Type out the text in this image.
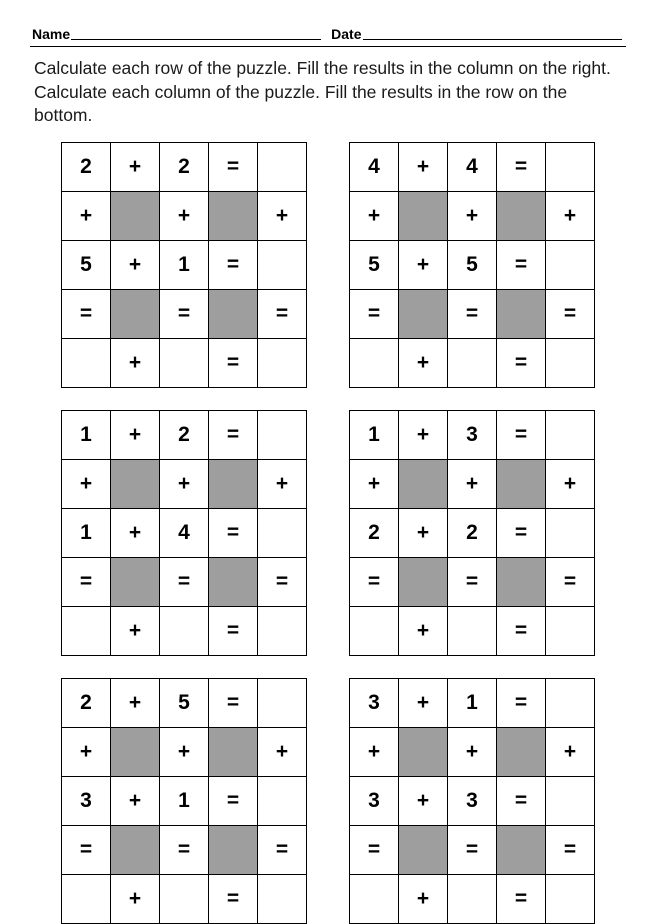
Name	Date
Calculate each row of the puzzle. Fill the results in the column on the right. Calculate each column of the puzzle. Fill the results in the row on the bottom.
2	+	2	=	
+		+		+
5	+	1	=	
=		=		=
	+		=	
4	+	4	=	
+		+		+
5	+	5	=	
=		=		=
	+		=	
1	+	2	=	
+		+		+
1	+	4	=	
=		=		=
	+		=	
1	+	3	=	
+		+		+
2	+	2	=	
=		=		=
	+		=	
2	+	5	=	
+		+		+
3	+	1	=	
=		=		=
	+		=	
3	+	1	=	
+		+		+
3	+	3	=	
=		=		=
	+		=	
